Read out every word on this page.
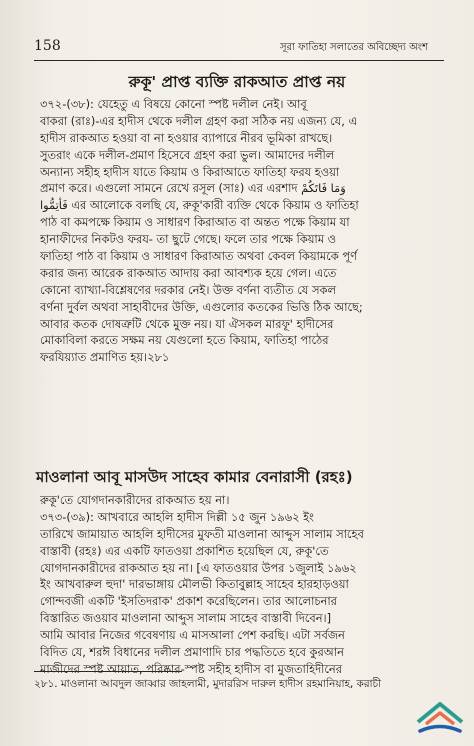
158	সূরা ফাতিহা সলাতের অবিচ্ছেদ্য অংশ
রুকূ' প্রাপ্ত ব্যক্তি রাকআত প্রাপ্ত নয়
৩৭২-(৩৮): যেহেতু এ বিষয়ে কোনো স্পষ্ট দলীল নেই। আবূ
বাকরা (রাঃ)-এর হাদীস থেকে দলীল গ্রহণ করা সঠিক নয় এজন্য যে, এ
হাদীস রাকআত হওয়া বা না হওয়ার ব্যাপারে নীরব ভূমিকা রাখছে।
সুতরাং একে দলীল-প্রমাণ হিসেবে গ্রহণ করা ভুল। আমাদের দলীল
অন্যান্য সহীহ হাদীস যাতে কিয়াম ও কিরাআতে ফাতিহা ফরয হওয়া
প্রমাণ করে। এগুলো সামনে রেখে রসূল (সাঃ) এর এরশাদ وَمَا فَاتَكُمْ
فَأَتِمُّوا এর আলোকে বলছি যে, রুকূ'কারী ব্যক্তি থেকে কিয়াম ও ফাতিহা
পাঠ বা কমপক্ষে কিয়াম ও সাধারণ কিরাআত বা অন্তত পক্ষে কিয়াম যা
হানাফীদের নিকটও ফরয- তা ছুটে গেছে। ফলে তার পক্ষে কিয়াম ও
ফাতিহা পাঠ বা কিয়াম ও সাধারণ কিরাআত অথবা কেবল কিয়ামকে পূর্ণ
করার জন্য আরেক রাকআত আদায় করা আবশ্যক হয়ে গেল। এতে
কোনো ব্যাখ্যা-বিশ্লেষণের দরকার নেই। উক্ত বর্ণনা ব্যতীত যে সকল
বর্ণনা দুর্বল অথবা সাহাবীদের উক্তি, এগুলোর কতকের ভিত্তি ঠিক আছে;
আবার কতক দোষত্রুটি থেকে মুক্ত নয়। যা ঐসকল মারফূ' হাদীসের
মোকাবিলা করতে সক্ষম নয় যেগুলো হতে কিয়াম, ফাতিহা পাঠের
ফরযিয়্যাত প্রমাণিত হয়।২৮১
মাওলানা আবূ মাসউদ সাহেব কামার বেনারাসী (রহঃ)
রুকূ'তে যোগদানকারীদের রাকআত হয় না।
৩৭৩-(৩৯): আখবারে আহলি হাদীস দিল্লী ১৫ জুন ১৯৬২ ইং
তারিখে জামায়াত আহলি হাদীসের মুফতী মাওলানা আব্দুস সালাম সাহেব
বাস্তাবী (রহঃ) এর একটি ফাতওয়া প্রকাশিত হয়েছিল যে, রুকূ'তে
যোগদানকারীদের রাকআত হয় না। [এ ফাতওয়ার উপর ১জুলাই ১৯৬২
ইং আখবারুল হুদা' দারভাঙ্গায় মৌলভী কিতাবুল্লাহ সাহেব হারহাড়ওয়া
গোন্দবজী একটি 'ইসতিদরাক' প্রকাশ করেছিলেন। তার আলোচনার
বিস্তারিত জওয়াব মাওলানা আব্দুস সালাম সাহেব বাস্তাবী দিবেন।]
আমি আবার নিজের গবেষণায় এ মাসআলা পেশ করছি। এটা সর্বজন
বিদিত যে, শরঈ বিধানের দলীল প্রমাণাদি চার পদ্ধতিতে হবে কুরআন
মাজীদের স্পষ্ট আয়াত, পরিষ্কার-স্পষ্ট সহীহ হাদীস বা মুজতাহিদীনের
২৮১. মাওলানা আবদুল জাব্বার জাহলামী, মুদাররিস দারুল হাদীস রহমানিয়াহ, করাচী
